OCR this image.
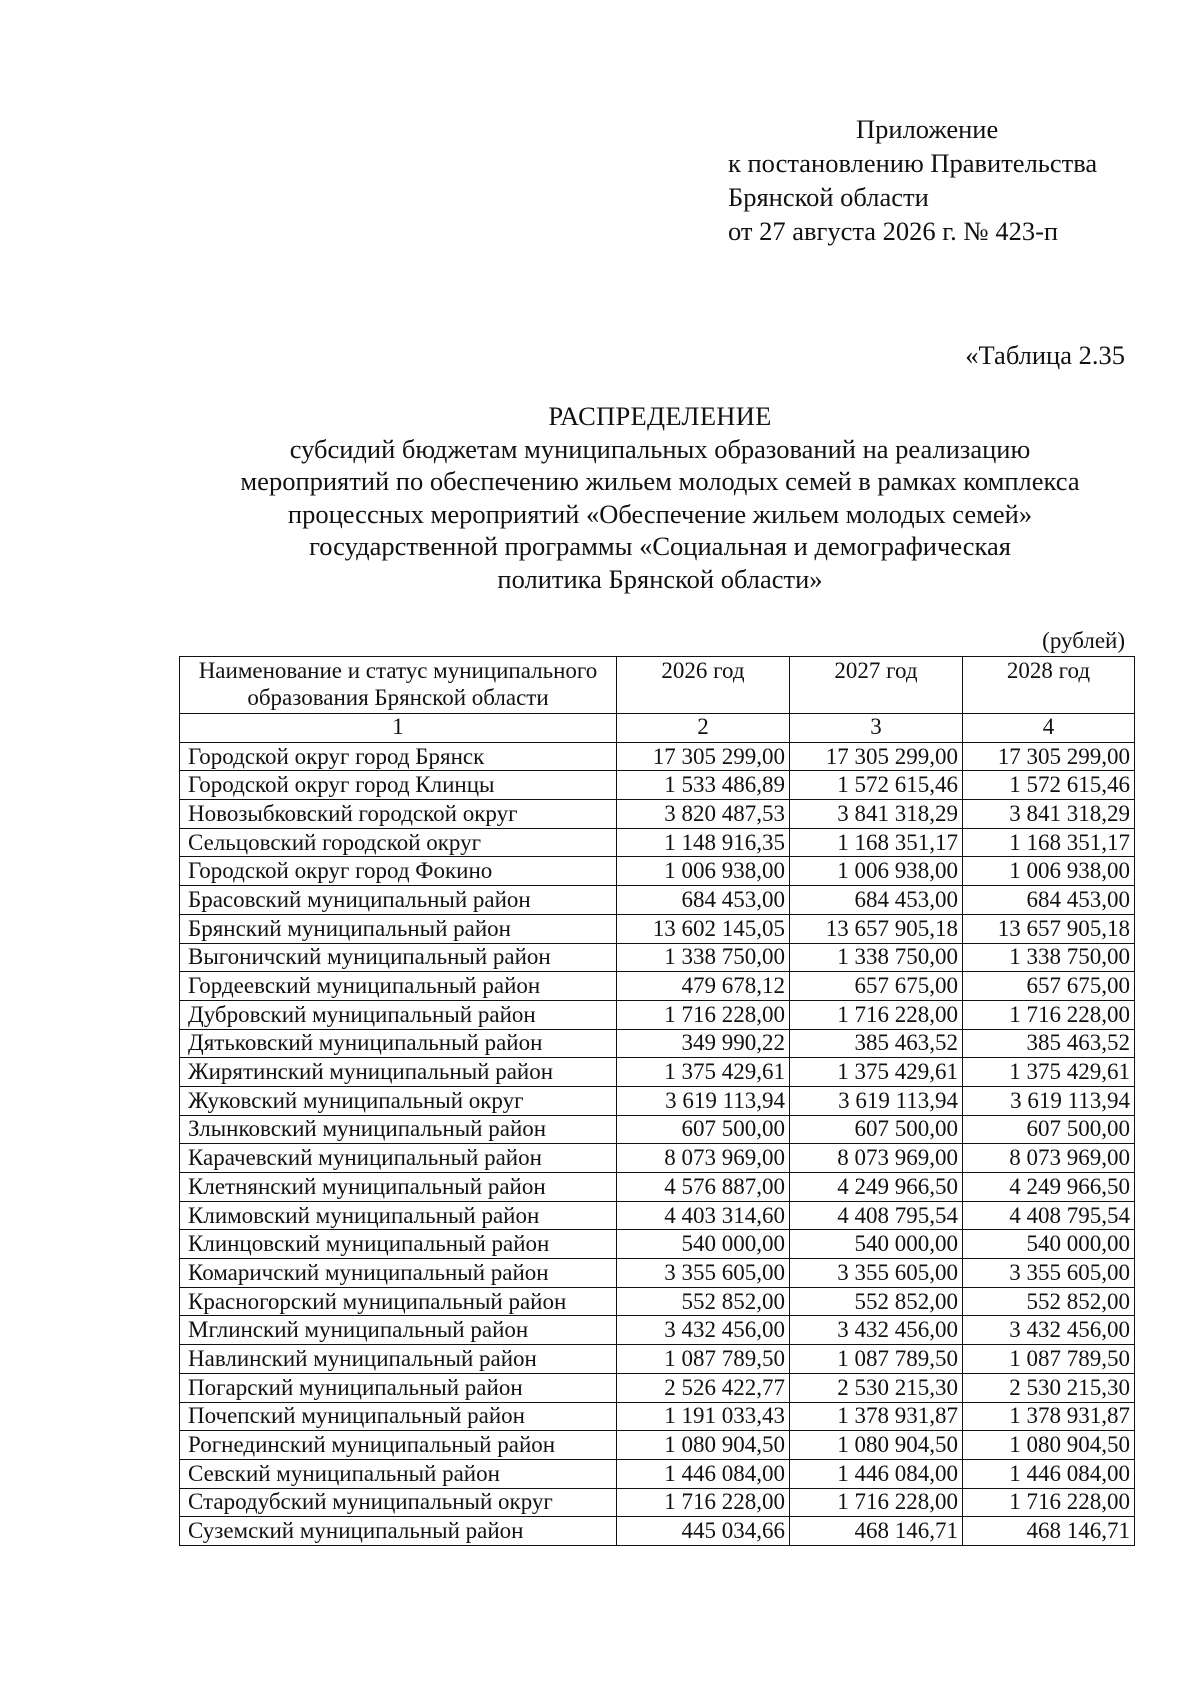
Приложение
к постановлению Правительства
Брянской области
от 27 августа 2026 г. № 423-п
«Таблица 2.35
РАСПРЕДЕЛЕНИЕ
субсидий бюджетам муниципальных образований на реализацию
мероприятий по обеспечению жильем молодых семей в рамках комплекса
процессных мероприятий «Обеспечение жильем молодых семей»
государственной программы «Социальная и демографическая
политика Брянской области»
(рублей)
Наименование и статус муниципального
образования Брянской области	2026 год	2027 год	2028 год
1	2	3	4
Городской округ город Брянск	17 305 299,00	17 305 299,00	17 305 299,00
Городской округ город Клинцы	1 533 486,89	1 572 615,46	1 572 615,46
Новозыбковский городской округ	3 820 487,53	3 841 318,29	3 841 318,29
Сельцовский городской округ	1 148 916,35	1 168 351,17	1 168 351,17
Городской округ город Фокино	1 006 938,00	1 006 938,00	1 006 938,00
Брасовский муниципальный район	684 453,00	684 453,00	684 453,00
Брянский муниципальный район	13 602 145,05	13 657 905,18	13 657 905,18
Выгоничский муниципальный район	1 338 750,00	1 338 750,00	1 338 750,00
Гордеевский муниципальный район	479 678,12	657 675,00	657 675,00
Дубровский муниципальный район	1 716 228,00	1 716 228,00	1 716 228,00
Дятьковский муниципальный район	349 990,22	385 463,52	385 463,52
Жирятинский муниципальный район	1 375 429,61	1 375 429,61	1 375 429,61
Жуковский муниципальный округ	3 619 113,94	3 619 113,94	3 619 113,94
Злынковский муниципальный район	607 500,00	607 500,00	607 500,00
Карачевский муниципальный район	8 073 969,00	8 073 969,00	8 073 969,00
Клетнянский муниципальный район	4 576 887,00	4 249 966,50	4 249 966,50
Климовский муниципальный район	4 403 314,60	4 408 795,54	4 408 795,54
Клинцовский муниципальный район	540 000,00	540 000,00	540 000,00
Комаричский муниципальный район	3 355 605,00	3 355 605,00	3 355 605,00
Красногорский муниципальный район	552 852,00	552 852,00	552 852,00
Мглинский муниципальный район	3 432 456,00	3 432 456,00	3 432 456,00
Навлинский муниципальный район	1 087 789,50	1 087 789,50	1 087 789,50
Погарский муниципальный район	2 526 422,77	2 530 215,30	2 530 215,30
Почепский муниципальный район	1 191 033,43	1 378 931,87	1 378 931,87
Рогнединский муниципальный район	1 080 904,50	1 080 904,50	1 080 904,50
Севский муниципальный район	1 446 084,00	1 446 084,00	1 446 084,00
Стародубский муниципальный округ	1 716 228,00	1 716 228,00	1 716 228,00
Суземский муниципальный район	445 034,66	468 146,71	468 146,71
